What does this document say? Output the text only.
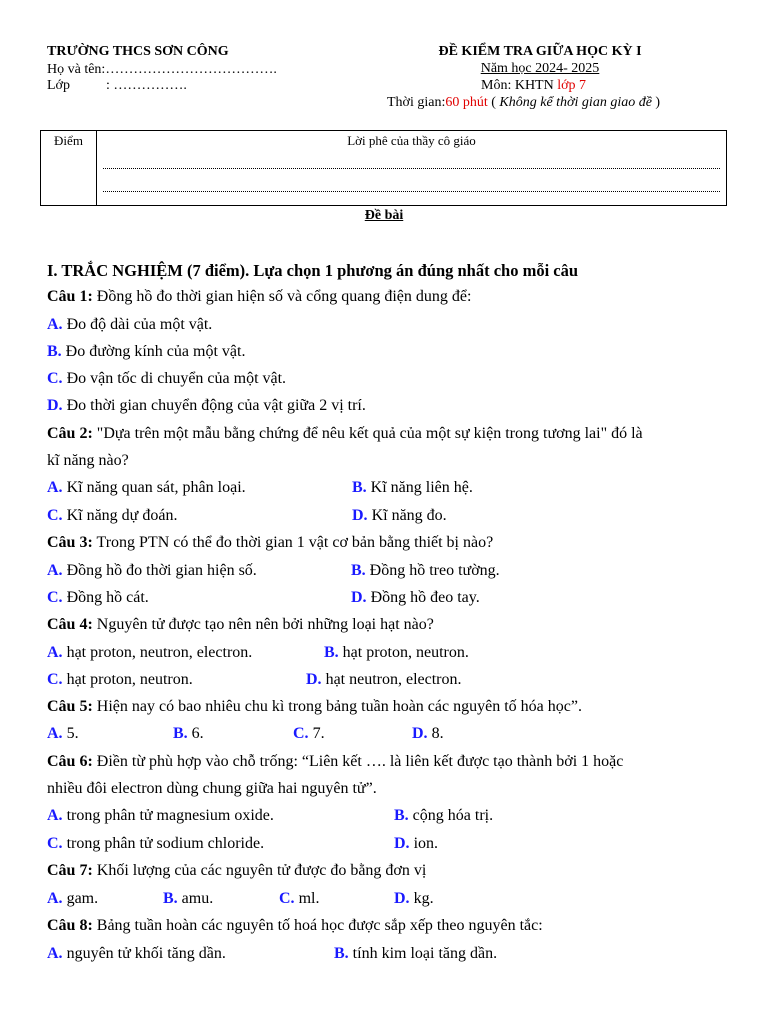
TRƯỜNG THCS SƠN CÔNG
Họ và tên:……………………………….
Lớp	: …………….
ĐỀ KIỂM TRA GIỮA HỌC KỲ I
Năm học 2024- 2025
Môn: KHTN lớp 7
Thời gian:60 phút ( Không kể thời gian giao đề )
Điểm	Lời phê của thầy cô giáo
Đề bài
I. TRẮC NGHIỆM (7 điểm). Lựa chọn 1 phương án đúng nhất cho mỗi câu
Câu 1: Đồng hồ đo thời gian hiện số và cổng quang điện dung để:
A. Đo độ dài của một vật.
B. Đo đường kính của một vật.
C. Đo vận tốc di chuyển của một vật.
D. Đo thời gian chuyển động của vật giữa 2 vị trí.
Câu 2: "Dựa trên một mẫu bằng chứng để nêu kết quả của một sự kiện trong tương lai" đó là
kĩ năng nào?
A. Kĩ năng quan sát, phân loại.	B. Kĩ năng liên hệ.
C. Kĩ năng dự đoán.	D. Kĩ năng đo.
Câu 3: Trong PTN có thể đo thời gian 1 vật cơ bản bằng thiết bị nào?
A. Đồng hồ đo thời gian hiện số.	B. Đồng hồ treo tường.
C. Đồng hồ cát.	D. Đồng hồ đeo tay.
Câu 4: Nguyên tử được tạo nên nên bởi những loại hạt nào?
A. hạt proton, neutron, electron.	B. hạt proton, neutron.
C. hạt proton, neutron.	D. hạt neutron, electron.
Câu 5: Hiện nay có bao nhiêu chu kì trong bảng tuần hoàn các nguyên tố hóa học”.
A. 5.	B. 6.	C. 7.	D. 8.
Câu 6: Điền từ phù hợp vào chỗ trống: “Liên kết …. là liên kết được tạo thành bởi 1 hoặc
nhiều đôi electron dùng chung giữa hai nguyên tử”.
A. trong phân tử magnesium oxide.	B. cộng hóa trị.
C. trong phân tử sodium chloride.	D. ion.
Câu 7: Khối lượng của các nguyên tử được đo bằng đơn vị
A. gam.	B. amu.	C. ml.	D. kg.
Câu 8: Bảng tuần hoàn các nguyên tố hoá học được sắp xếp theo nguyên tắc:
A. nguyên tử khối tăng dần.	B. tính kim loại tăng dần.
